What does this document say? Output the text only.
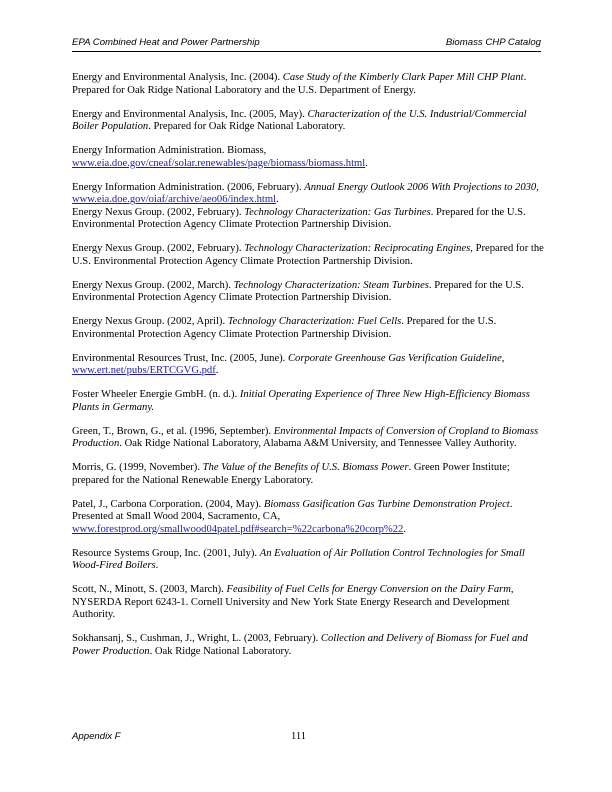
EPA Combined Heat and Power Partnership	Biomass CHP Catalog

Energy and Environmental Analysis, Inc. (2004). Case Study of the Kimberly Clark Paper Mill CHP Plant. Prepared for Oak Ridge National Laboratory and the U.S. Department of Energy.

Energy and Environmental Analysis, Inc. (2005, May). Characterization of the U.S. Industrial/Commercial Boiler Population. Prepared for Oak Ridge National Laboratory.

Energy Information Administration. Biomass,
www.eia.doe.gov/cneaf/solar.renewables/page/biomass/biomass.html.

Energy Information Administration. (2006, February). Annual Energy Outlook 2006 With Projections to 2030, www.eia.doe.gov/oiaf/archive/aeo06/index.html.

Energy Nexus Group. (2002, February). Technology Characterization: Gas Turbines. Prepared for the U.S. Environmental Protection Agency Climate Protection Partnership Division.

Energy Nexus Group. (2002, February). Technology Characterization: Reciprocating Engines, Prepared for the U.S. Environmental Protection Agency Climate Protection Partnership Division.

Energy Nexus Group. (2002, March). Technology Characterization: Steam Turbines. Prepared for the U.S. Environmental Protection Agency Climate Protection Partnership Division.

Energy Nexus Group. (2002, April). Technology Characterization: Fuel Cells. Prepared for the U.S. Environmental Protection Agency Climate Protection Partnership Division.

Environmental Resources Trust, Inc. (2005, June). Corporate Greenhouse Gas Verification Guideline,
www.ert.net/pubs/ERTCGVG.pdf.

Foster Wheeler Energie GmbH. (n. d.). Initial Operating Experience of Three New High-Efficiency Biomass Plants in Germany.

Green, T., Brown, G., et al. (1996, September). Environmental Impacts of Conversion of Cropland to Biomass Production. Oak Ridge National Laboratory, Alabama A&M University, and Tennessee Valley Authority.

Morris, G. (1999, November). The Value of the Benefits of U.S. Biomass Power. Green Power Institute; prepared for the National Renewable Energy Laboratory.

Patel, J., Carbona Corporation. (2004, May). Biomass Gasification Gas Turbine Demonstration Project. Presented at Small Wood 2004, Sacramento, CA,
www.forestprod.org/smallwood04patel.pdf#search=%22carbona%20corp%22.

Resource Systems Group, Inc. (2001, July). An Evaluation of Air Pollution Control Technologies for Small Wood-Fired Boilers.

Scott, N., Minott, S. (2003, March). Feasibility of Fuel Cells for Energy Conversion on the Dairy Farm, NYSERDA Report 6243-1. Cornell University and New York State Energy Research and Development Authority.

Sokhansanj, S., Cushman, J., Wright, L. (2003, February). Collection and Delivery of Biomass for Fuel and Power Production. Oak Ridge National Laboratory.

Appendix F	111
